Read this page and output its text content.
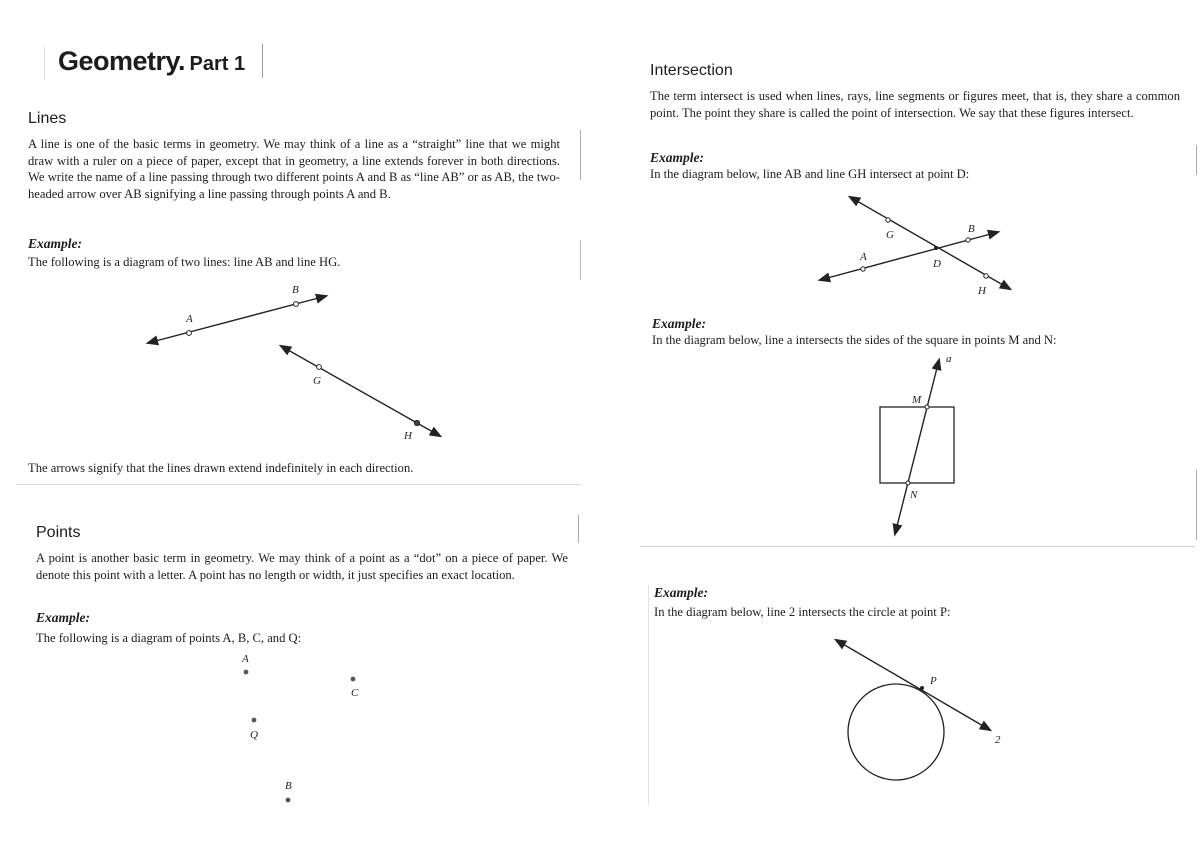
Geometry. Part 1
Lines
A line is one of the basic terms in geometry. We may think of a line as a “straight” line that we might draw with a ruler on a piece of paper, except that in geometry, a line extends forever in both directions. We write the name of a line passing through two different points A and B as “line AB” or as AB, the two-headed arrow over AB signifying a line passing through points A and B.
Example:
The following is a diagram of two lines: line AB and line HG.
A
B
G
H
The arrows signify that the lines drawn extend indefinitely in each direction.
Points
A point is another basic term in geometry. We may think of a point as a “dot” on a piece of paper. We denote this point with a letter. A point has no length or width, it just specifies an exact location.
Example:
The following is a diagram of points A, B, C, and Q:
A
C
Q
B
Intersection
The term intersect is used when lines, rays, line segments or figures meet, that is, they share a common point. The point they share is called the point of intersection. We say that these figures intersect.
Example:
In the diagram below, line AB and line GH intersect at point D:
G	B
A
D
H
Example:
In the diagram below, line a intersects the sides of the square in points M and N:
a
M
N
Example:
In the diagram below, line 2 intersects the circle at point P:
P
2
